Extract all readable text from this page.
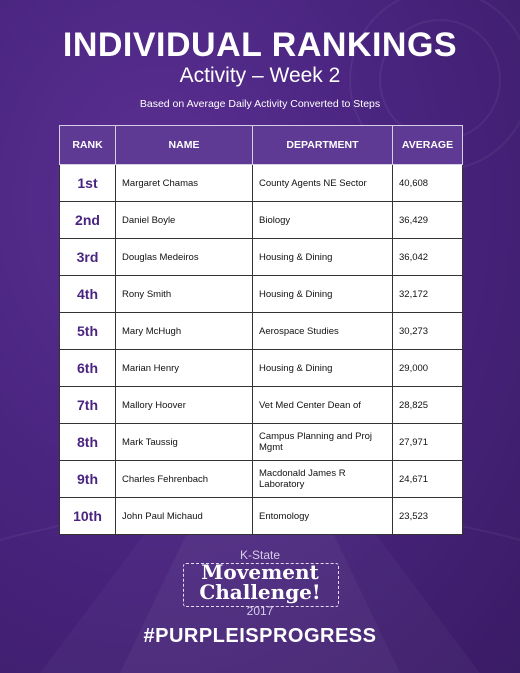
INDIVIDUAL RANKINGS
Activity – Week 2
Based on Average Daily Activity Converted to Steps
RANK	NAME	DEPARTMENT	AVERAGE
1st	Margaret Chamas	County Agents NE Sector	40,608
2nd	Daniel Boyle	Biology	36,429
3rd	Douglas Medeiros	Housing & Dining	36,042
4th	Rony Smith	Housing & Dining	32,172
5th	Mary McHugh	Aerospace Studies	30,273
6th	Marian Henry	Housing & Dining	29,000
7th	Mallory Hoover	Vet Med Center Dean of	28,825
8th	Mark Taussig	Campus Planning and Proj Mgmt	27,971
9th	Charles Fehrenbach	Macdonald James R Laboratory	24,671
10th	John Paul Michaud	Entomology	23,523
K-State
Movement
Challenge!
2017
#PURPLEISPROGRESS
